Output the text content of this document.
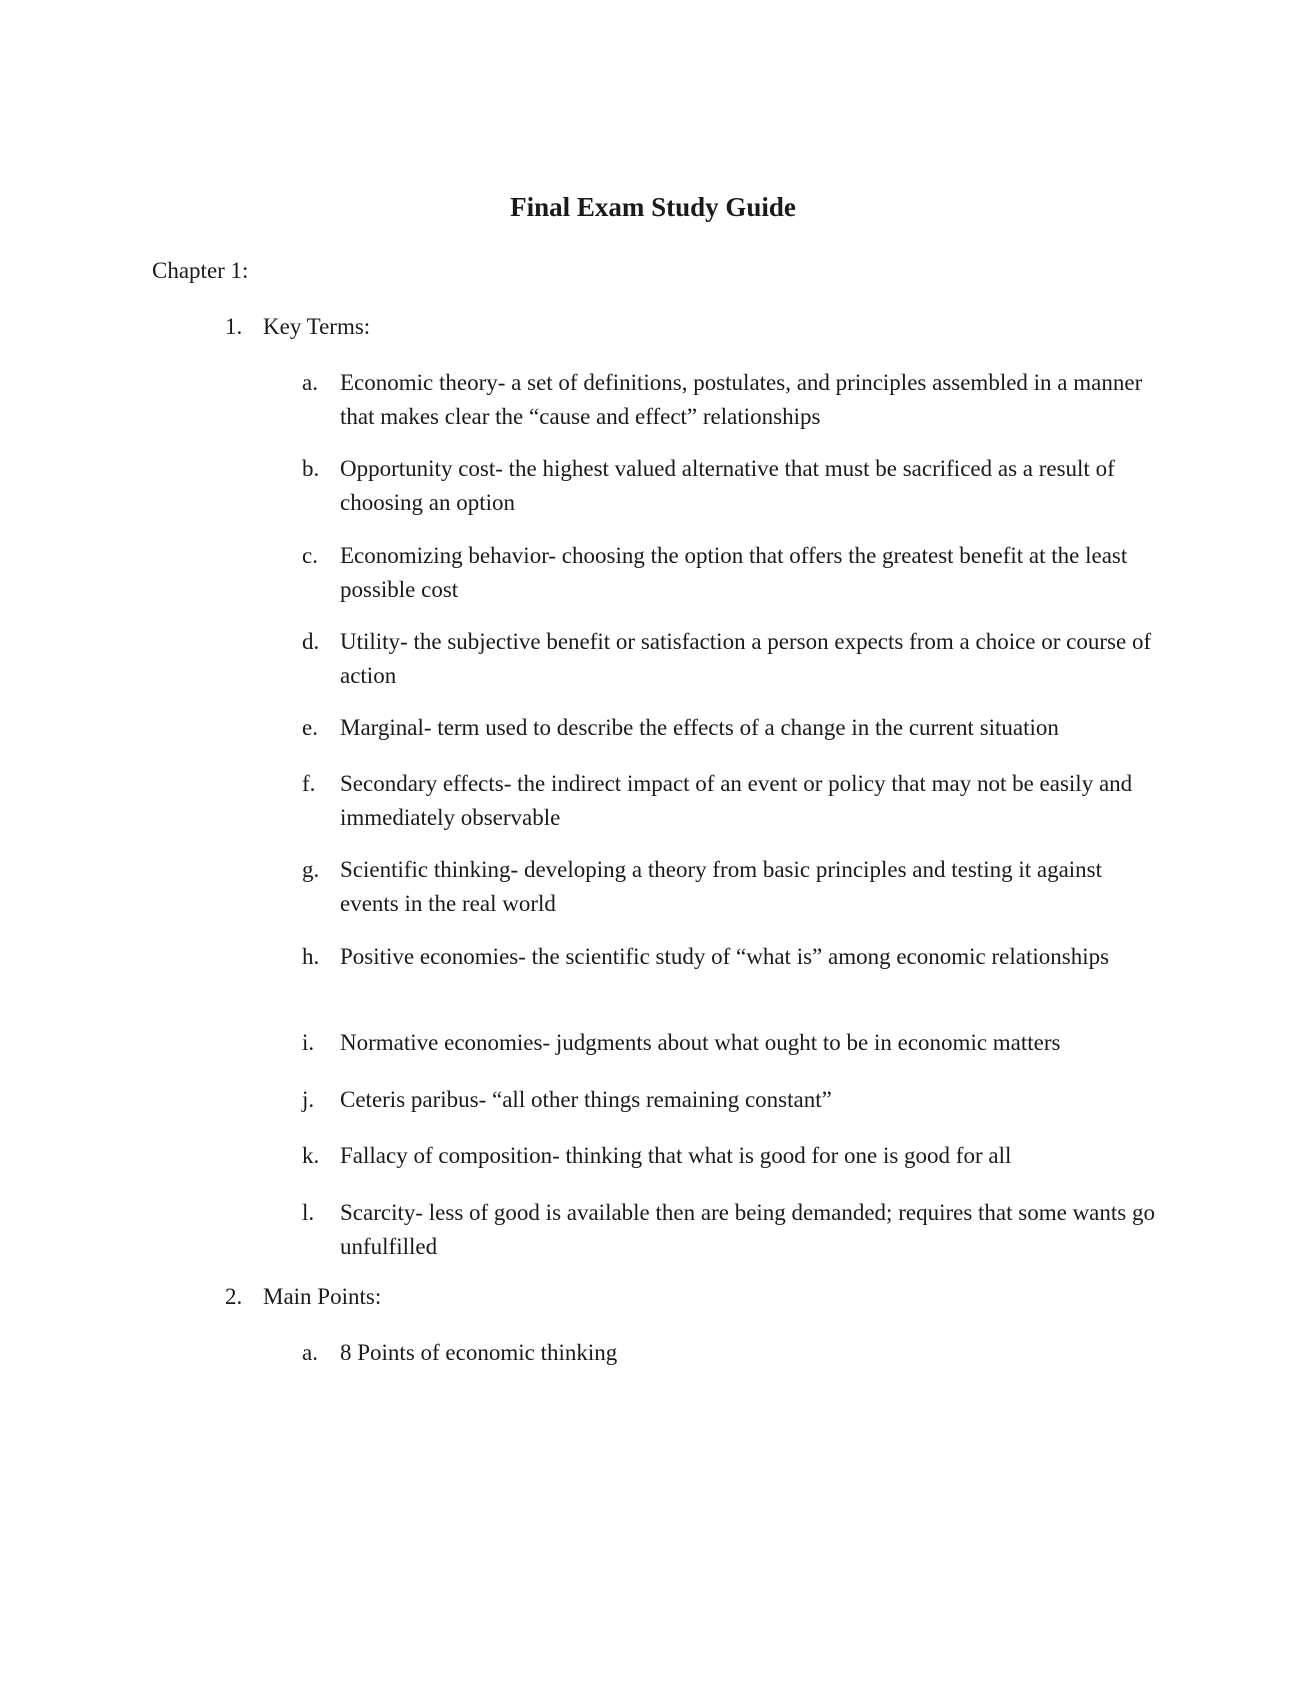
Final Exam Study Guide

Chapter 1:

1. Key Terms:
a. Economic theory- a set of definitions, postulates, and principles assembled in a manner that makes clear the “cause and effect” relationships
b. Opportunity cost- the highest valued alternative that must be sacrificed as a result of choosing an option
c. Economizing behavior- choosing the option that offers the greatest benefit at the least possible cost
d. Utility- the subjective benefit or satisfaction a person expects from a choice or course of action
e. Marginal- term used to describe the effects of a change in the current situation
f.	Secondary effects- the indirect impact of an event or policy that may not be easily and immediately observable
g. Scientific thinking- developing a theory from basic principles and testing it against events in the real world
h. Positive economies- the scientific study of “what is” among economic relationships
i.	Normative economies- judgments about what ought to be in economic matters
j.	Ceteris paribus- “all other things remaining constant”
k. Fallacy of composition- thinking that what is good for one is good for all
l.	Scarcity- less of good is available then are being demanded; requires that some wants go unfulfilled
2. Main Points:
a. 8 Points of economic thinking
